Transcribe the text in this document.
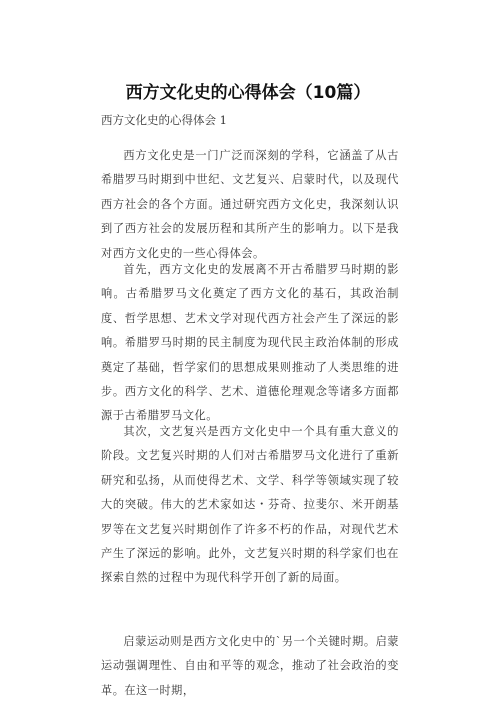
西方文化史的心得体会（10篇）

西方文化史的心得体会 1

西方文化史是一门广泛而深刻的学科，它涵盖了从古希腊罗马时期到中世纪、文艺复兴、启蒙时代，以及现代西方社会的各个方面。通过研究西方文化史，我深刻认识到了西方社会的发展历程和其所产生的影响力。以下是我对西方文化史的一些心得体会。

首先，西方文化史的发展离不开古希腊罗马时期的影响。古希腊罗马文化奠定了西方文化的基石，其政治制度、哲学思想、艺术文学对现代西方社会产生了深远的影响。希腊罗马时期的民主制度为现代民主政治体制的形成奠定了基础，哲学家们的思想成果则推动了人类思维的进步。西方文化的科学、艺术、道德伦理观念等诸多方面都源于古希腊罗马文化。

其次，文艺复兴是西方文化史中一个具有重大意义的阶段。文艺复兴时期的人们对古希腊罗马文化进行了重新研究和弘扬，从而使得艺术、文学、科学等领域实现了较大的突破。伟大的艺术家如达・芬奇、拉斐尔、米开朗基罗等在文艺复兴时期创作了许多不朽的作品，对现代艺术产生了深远的影响。此外，文艺复兴时期的科学家们也在探索自然的过程中为现代科学开创了新的局面。

启蒙运动则是西方文化史中的`另一个关键时期。启蒙运动强调理性、自由和平等的观念，推动了社会政治的变革。在这一时期，
